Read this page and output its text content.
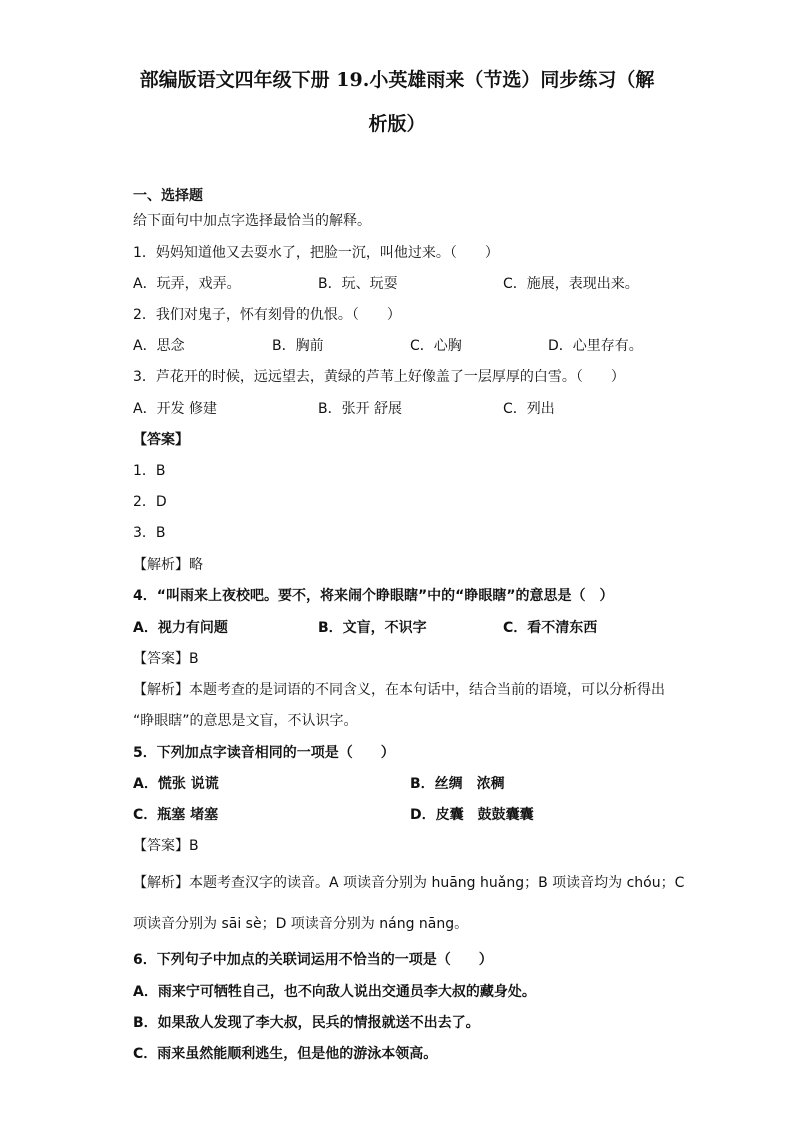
部编版语文四年级下册 19.小英雄雨来（节选）同步练习（解
析版）
一、选择题
给下面句中加点字选择最恰当的解释。
1．妈妈知道他又去耍水了，把脸一沉，叫他过来。（　　）
A．玩弄，戏弄。	B．玩、玩耍	C．施展，表现出来。
2．我们对鬼子，怀有刻骨的仇恨。（　　）
A．思念	B．胸前	C．心胸	D．心里存有。
3．芦花开的时候，远远望去，黄绿的芦苇上好像盖了一层厚厚的白雪。（　　）
A．开发 修建	B．张开 舒展	C．列出
【答案】
1．B
2．D
3．B
【解析】略
4．“叫雨来上夜校吧。要不，将来闹个睁眼瞎”中的“睁眼瞎”的意思是（　）
A．视力有问题	B．文盲，不识字	C．看不清东西
【答案】B
【解析】本题考查的是词语的不同含义，在本句话中，结合当前的语境，可以分析得出
“睁眼瞎”的意思是文盲，不认识字。
5．下列加点字读音相同的一项是（　　）
A．慌张 说谎	B．丝绸　浓稠
C．瓶塞 堵塞	D．皮囊　鼓鼓囊囊
【答案】B
【解析】本题考查汉字的读音。A 项读音分别为 huāng huǎng；B 项读音均为 chóu；C
项读音分别为 sāi sè；D 项读音分别为 náng nāng。
6．下列句子中加点的关联词运用不恰当的一项是（　　）
A．雨来宁可牺牲自己，也不向敌人说出交通员李大叔的藏身处。
B．如果敌人发现了李大叔，民兵的情报就送不出去了。
C．雨来虽然能顺利逃生，但是他的游泳本领高。
